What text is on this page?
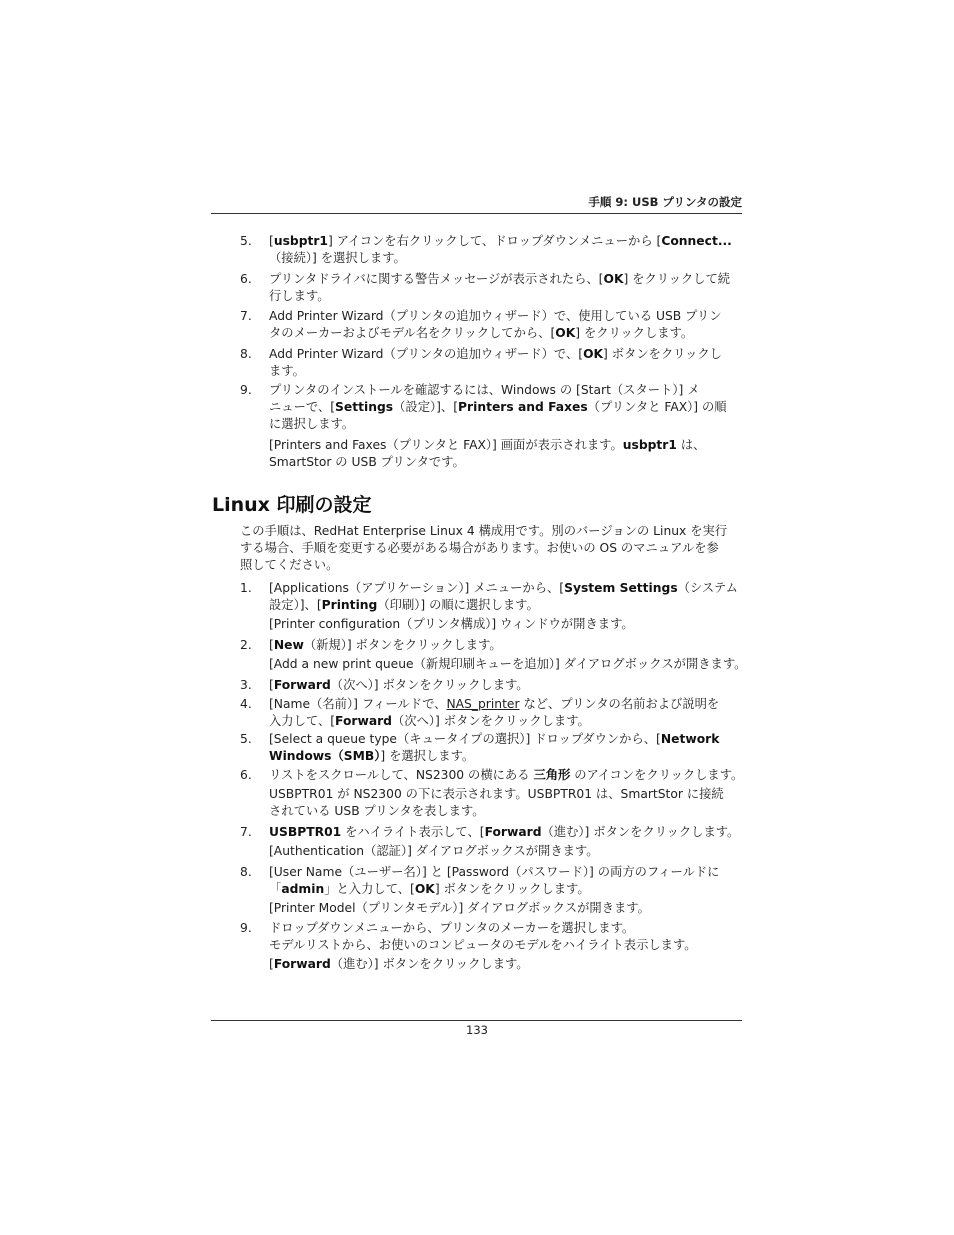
手順 9: USB プリンタの設定
5. [usbptr1] アイコンを右クリックして、ドロップダウンメニューから [Connect...
（接続）] を選択します。
6. プリンタドライバに関する警告メッセージが表示されたら、[OK] をクリックして続
行します。
7. Add Printer Wizard（プリンタの追加ウィザード）で、使用している USB プリン
タのメーカーおよびモデル名をクリックしてから、[OK] をクリックします。
8. Add Printer Wizard（プリンタの追加ウィザード）で、[OK] ボタンをクリックし
ます。
9. プリンタのインストールを確認するには、Windows の [Start（スタート）] メ
ニューで、[Settings（設定）]、[Printers and Faxes（プリンタと FAX）] の順
に選択します。
[Printers and Faxes（プリンタと FAX）] 画面が表示されます。usbptr1 は、
SmartStor の USB プリンタです。
Linux 印刷の設定
この手順は、RedHat Enterprise Linux 4 構成用です。別のバージョンの Linux を実行
する場合、手順を変更する必要がある場合があります。お使いの OS のマニュアルを参
照してください。
1. [Applications（アプリケーション）] メニューから、[System Settings（システム
設定）]、[Printing（印刷）] の順に選択します。
[Printer configuration（プリンタ構成）] ウィンドウが開きます。
2. [New（新規）] ボタンをクリックします。
[Add a new print queue（新規印刷キューを追加）] ダイアログボックスが開きます。
3. [Forward（次へ）] ボタンをクリックします。
4. [Name（名前）] フィールドで、NAS_printer など、プリンタの名前および説明を
入力して、[Forward（次へ）] ボタンをクリックします。
5. [Select a queue type（キュータイプの選択）] ドロップダウンから、[Network
Windows（SMB）] を選択します。
6. リストをスクロールして、NS2300 の横にある 三角形 のアイコンをクリックします。
USBPTR01 が NS2300 の下に表示されます。USBPTR01 は、SmartStor に接続
されている USB プリンタを表します。
7. USBPTR01 をハイライト表示して、[Forward（進む）] ボタンをクリックします。
[Authentication（認証）] ダイアログボックスが開きます。
8. [User Name（ユーザー名）] と [Password（パスワード）] の両方のフィールドに
「admin」と入力して、[OK] ボタンをクリックします。
[Printer Model（プリンタモデル）] ダイアログボックスが開きます。
9. ドロップダウンメニューから、プリンタのメーカーを選択します。
モデルリストから、お使いのコンピュータのモデルをハイライト表示します。
[Forward（進む）] ボタンをクリックします。
133
